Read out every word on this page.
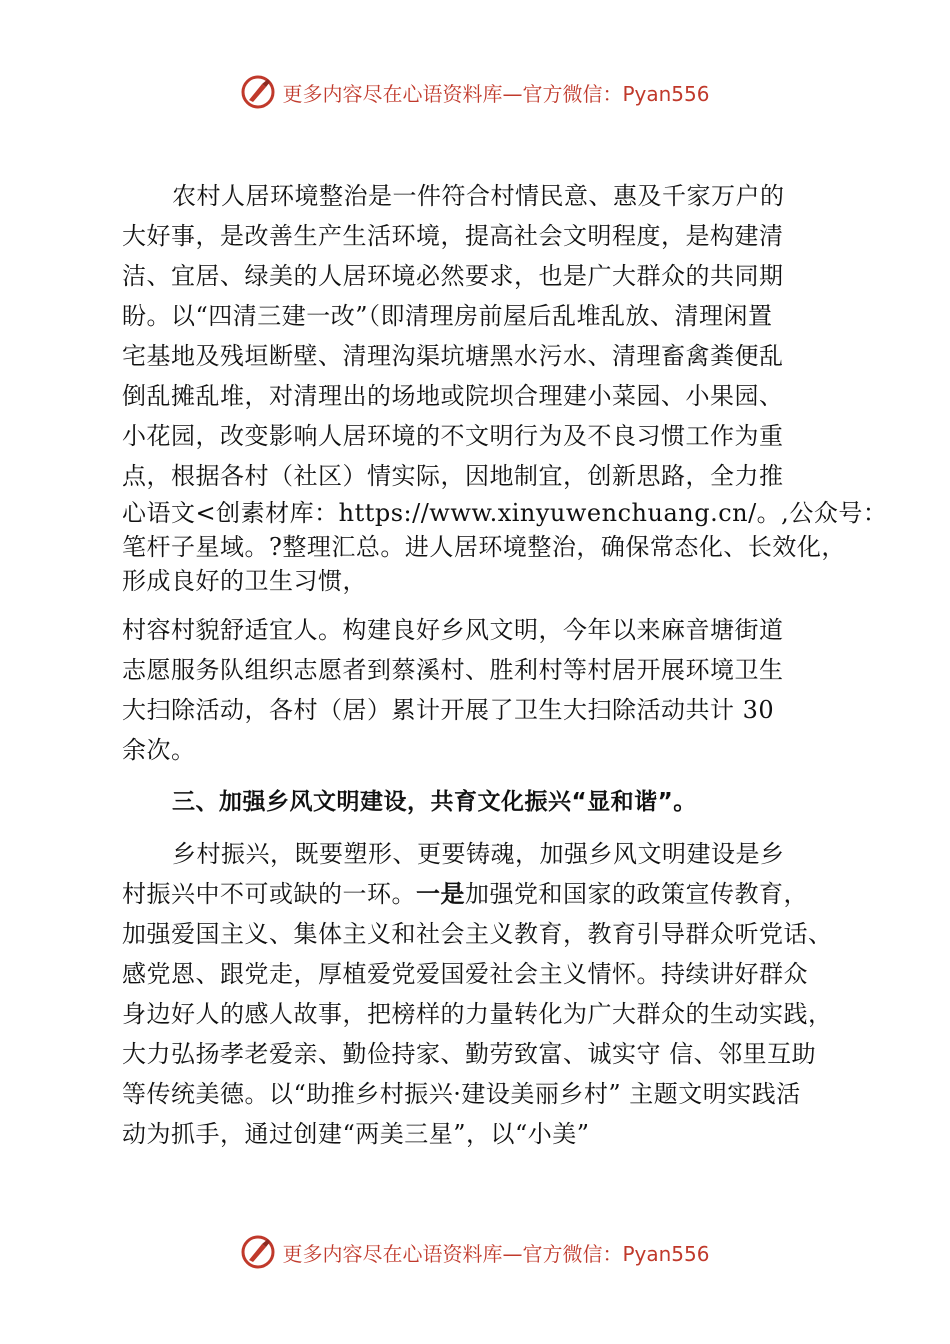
更多内容尽在心语资料库—官方微信：Pyan556
农村人居环境整治是一件符合村情民意、惠及千家万户的
大好事，是改善生产生活环境，提高社会文明程度，是构建清
洁、宜居、绿美的人居环境必然要求，也是广大群众的共同期
盼。以“四清三建一改”（即清理房前屋后乱堆乱放、清理闲置
宅基地及残垣断壁、清理沟渠坑塘黑水污水、清理畜禽粪便乱
倒乱摊乱堆，对清理出的场地或院坝合理建小菜园、小果园、
小花园，改变影响人居环境的不文明行为及不良习惯工作为重
点，根据各村（社区）情实际，因地制宜，创新思路，全力推
心语文<创素材库：https://www.xinyuwenchuang.cn/。,公众号：
笔杆子星域。?整理汇总。进人居环境整治，确保常态化、长效化，
形成良好的卫生习惯，
村容村貌舒适宜人。构建良好乡风文明，今年以来麻音塘街道
志愿服务队组织志愿者到蔡溪村、胜利村等村居开展环境卫生
大扫除活动，各村（居）累计开展了卫生大扫除活动共计 30
余次。
三、加强乡风文明建设，共育文化振兴“显和谐”。
乡村振兴，既要塑形、更要铸魂，加强乡风文明建设是乡
村振兴中不可或缺的一环。一是加强党和国家的政策宣传教育，
加强爱国主义、集体主义和社会主义教育，教育引导群众听党话、
感党恩、跟党走，厚植爱党爱国爱社会主义情怀。持续讲好群众
身边好人的感人故事，把榜样的力量转化为广大群众的生动实践，
大力弘扬孝老爱亲、勤俭持家、勤劳致富、诚实守 信、邻里互助
等传统美德。以“助推乡村振兴·建设美丽乡村” 主题文明实践活
动为抓手，通过创建“两美三星”，以“小美”
更多内容尽在心语资料库—官方微信：Pyan556
